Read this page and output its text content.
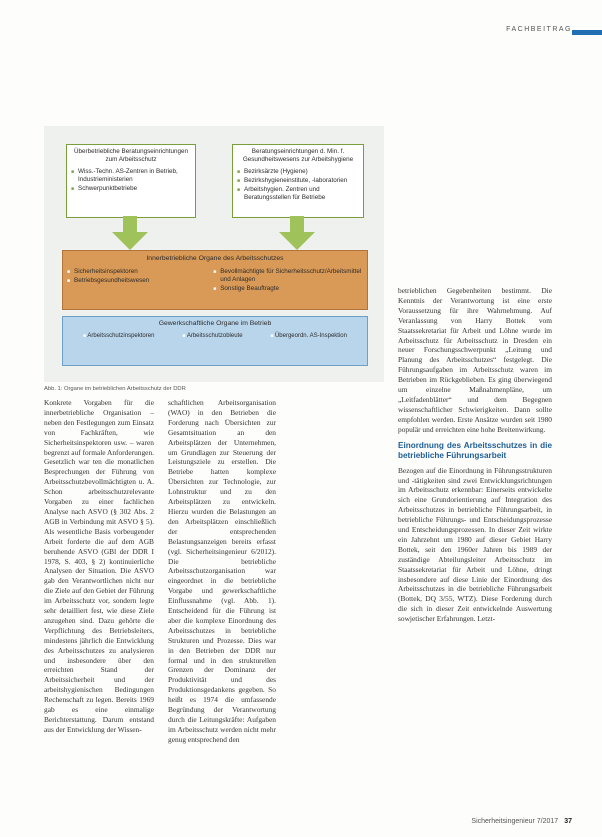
FACHBEITRAG
Überbetriebliche Beratungseinrichtungen zum Arbeitsschutz
■ Wiss.-Techn. AS-Zentren in Betrieb, Industrieministerien
■ Schwerpunktbetriebe
Beratungseinrichtungen d. Min. f. Gesundheitswesens zur Arbeitshygiene
■ Bezirksärzte (Hygiene)
■ Bezirkshygieneinstitute, -laboratorien
■ Arbeitshygien. Zentren und Beratungsstellen für Betriebe
Innerbetriebliche Organe des Arbeitsschutzes
■ Sicherheitsinspektoren
■ Betriebsgesundheitswesen
■ Bevollmächtigte für Sicherheitsschutz/Arbeitsmittel und Anlagen
■ Sonstige Beauftragte
Gewerkschaftliche Organe im Betrieb
■ Arbeitsschutzinspektoren	■ Arbeitsschutzobleute	■ Übergeordn. AS-Inspektion
Abb. 1: Organe im betrieblichen Arbeitsschutz der DDR

Konkrete Vorgaben für die innerbetriebliche Organisation – neben den Festlegungen zum Einsatz von Fachkräften, wie Sicherheitsinspektoren usw. – waren begrenzt auf formale Anforderungen. Gesetzlich war ten die monatlichen Besprechungen der Führung von Arbeitsschutzbevollmächtigten u. A. Schon arbeitsschutzrelevante Vorgaben zu einer fachlichen Analyse nach ASVO (§ 302 Abs. 2 AGB in Verbindung mit ASVO § 5). Als wesentliche Basis vorbeugender Arbeit forderte die auf dem AGB beruhende ASVO (GBl der DDR I 1978, S. 403, § 2) kontinuierliche Analysen der Situation. Die ASVO gab den Verantwortlichen nicht nur die Ziele auf den Gebiet der Führung im Arbeitsschutz vor, sondern legte sehr detailliert fest, wie diese Ziele anzugehen sind. Dazu gehörte die Verpflichtung des Betriebsleiters, mindestens jährlich die Entwicklung des Arbeitsschutzes zu analysieren und insbesondere über den erreichten Stand der Arbeitssicherheit und der arbeitshygienischen Bedingungen Rechenschaft zu legen. Bereits 1969 gab es eine einmalige Berichterstattung. Darum entstand aus der Entwicklung der Wissen-

schaftlichen Arbeitsorganisation (WAO) in den Betrieben die Forderung nach Übersichten zur Gesamtsituation an den Arbeitsplätzen der Unternehmen, um Grundlagen zur Steuerung der Leistungsziele zu erstellen. Die Betriebe hatten komplexe Übersichten zur Technologie, zur Lohnstruktur und zu den Arbeitsplätzen zu entwickeln. Hierzu wurden die Belastungen an den Arbeitsplätzen einschließlich der entsprechenden Belastungsanzeigen bereits erfasst (vgl. Sicherheitsingenieur 6/2012). Die betriebliche Arbeitsschutzorganisation war eingeordnet in die betriebliche Vorgabe und gewerkschaftliche Einflussnahme (vgl. Abb. 1). Entscheidend für die Führung ist aber die komplexe Einordnung des Arbeitsschutzes in betriebliche Strukturen und Prozesse. Dies war in den Betrieben der DDR nur formal und in den strukturellen Grenzen der Dominanz der Produktivität und des Produktionsgedankens gegeben. So heißt es 1974 die umfassende Begründung der Verantwortung durch die Leitungskräfte: Aufgaben im Arbeitsschutz werden nicht mehr genug entsprechend den

betrieblichen Gegebenheiten bestimmt. Die Kenntnis der Verantwortung ist eine erste Voraussetzung für ihre Wahrnehmung. Auf Veranlassung von Harry Bottek vom Staatssekretariat für Arbeit und Löhne wurde im Arbeitsschutz für Arbeitsschutz in Dresden ein neuer Forschungsschwerpunkt „Leitung und Planung des Arbeitsschutzes“ festgelegt. Die Führungsaufgaben im Arbeitsschutz waren im Betrieben im Rückgeblieben. Es ging überwiegend um einzelne Maßnahmenpläne, um „Leitfadenblätter“ und dem Begegnen wissenschaftlicher Schwierigkeiten. Dann sollte empfohlen werden. Erste Ansätze wurden seit 1980 populär und erreichten eine hohe Breitenwirkung.

Einordnung des Arbeitsschutzes in die betriebliche Führungsarbeit

Bezogen auf die Einordnung in Führungsstrukturen und -tätigkeiten sind zwei Entwicklungsrichtungen im Arbeitsschutz erkennbar: Einerseits entwickelte sich eine Grundorientierung auf Integration des Arbeitsschutzes in betriebliche Führungsarbeit, in betriebliche Führungs- und Entscheidungsprozesse und Entscheidungsprozessen. In dieser Zeit wirkte ein Jahrzehnt um 1980 auf dieser Gebiet Harry Bottek, seit den 1960er Jahren bis 1989 der zuständige Abteilungsleiter Arbeitsschutz im Staatssekretariat für Arbeit und Löhne, dringt insbesondere auf diese Linie der Einordnung des Arbeitsschutzes in die betriebliche Führungsarbeit (Bottek, DQ 3/55, WTZ). Diese Forderung durch die sich in dieser Zeit entwickelnde Auswertung sowjetischer Erfahrungen. Letzt-

Sicherheitsingenieur 7/2017 37
